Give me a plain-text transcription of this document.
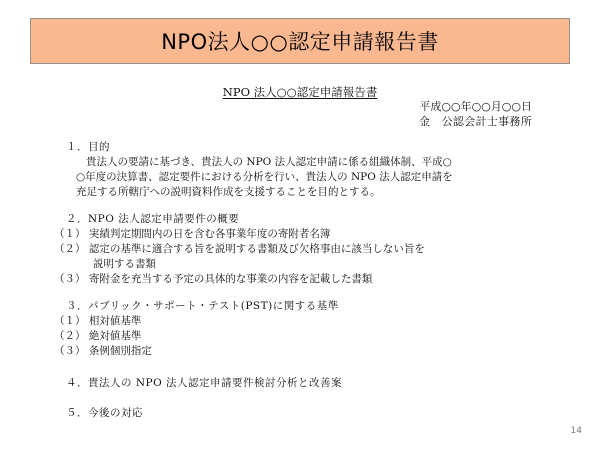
NPO法人○○認定申請報告書
NPO 法人○○認定申請報告書
平成○○年○○月○○日
金　公認会計士事務所
１．目的
貴法人の要請に基づき、貴法人の NPO 法人認定申請に係る組織体制、平成○
○年度の決算書、認定要件における分析を行い、貴法人の NPO 法人認定申請を
充足する所轄庁への説明資料作成を支援することを目的とする。
２．NPO 法人認定申請要件の概要
（１） 実績判定期間内の日を含む各事業年度の寄附者名簿
（２） 認定の基準に適合する旨を説明する書類及び欠格事由に該当しない旨を
説明する書類
（３） 寄附金を充当する予定の具体的な事業の内容を記載した書類
３．パブリック・サポート・テスト(PST)に関する基準
（１） 相対値基準
（２） 絶対値基準
（３） 条例個別指定
４．貴法人の NPO 法人認定申請要件検討分析と改善案
５．今後の対応
14
